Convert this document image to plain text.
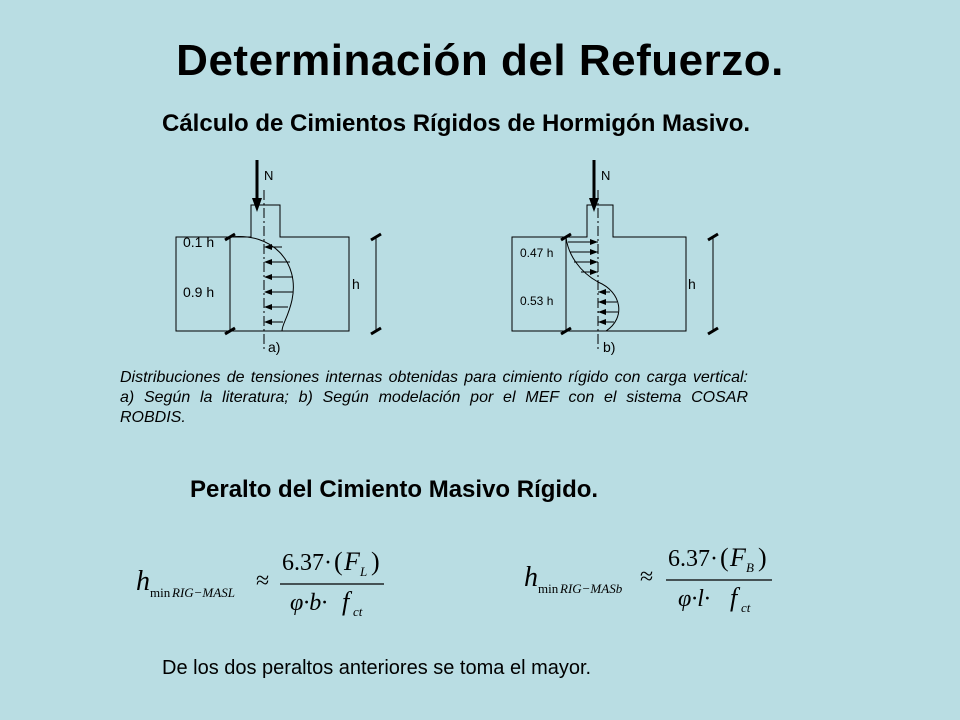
Determinación del Refuerzo.
Cálculo de Cimientos Rígidos de Hormigón Masivo.
N
0.1 h
0.9 h	h
a)
N
0.47 h
0.53 h
h
b)
Distribuciones de tensiones internas obtenidas para cimiento rígido con carga vertical: a) Según la literatura; b) Según modelación por el MEF con el sistema COSAR ROBDIS.
Peralto del Cimiento Masivo Rígido.
h min RIG−MASL ≈
6.37· ( F L )
φ·b· f ct
h min RIG−MASb ≈
6.37· ( F B )
φ·l· f ct
De los dos peraltos anteriores se toma el mayor.
